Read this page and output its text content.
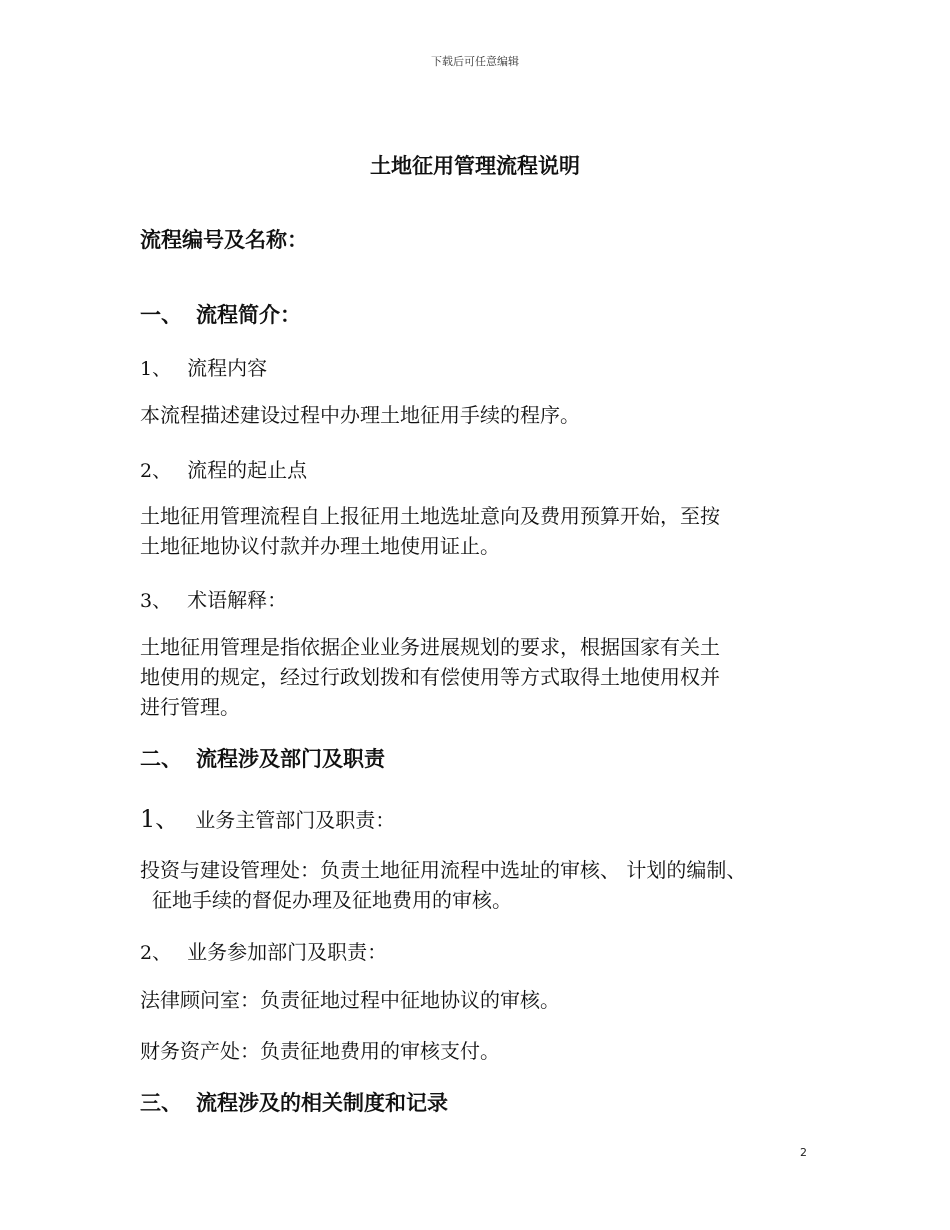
下载后可任意编辑
土地征用管理流程说明
流程编号及名称：
一、 流程简介：
1、 流程内容
本流程描述建设过程中办理土地征用手续的程序。
2、 流程的起止点
土地征用管理流程自上报征用土地选址意向及费用预算开始，至按
土地征地协议付款并办理土地使用证止。
3、 术语解释：
土地征用管理是指依据企业业务进展规划的要求，根据国家有关土
地使用的规定，经过行政划拨和有偿使用等方式取得土地使用权并
进行管理。
二、 流程涉及部门及职责
1、 业务主管部门及职责：
投资与建设管理处：负责土地征用流程中选址的审核、 计划的编制、
征地手续的督促办理及征地费用的审核。
2、 业务参加部门及职责：
法律顾问室：负责征地过程中征地协议的审核。
财务资产处：负责征地费用的审核支付。
三、 流程涉及的相关制度和记录
2
